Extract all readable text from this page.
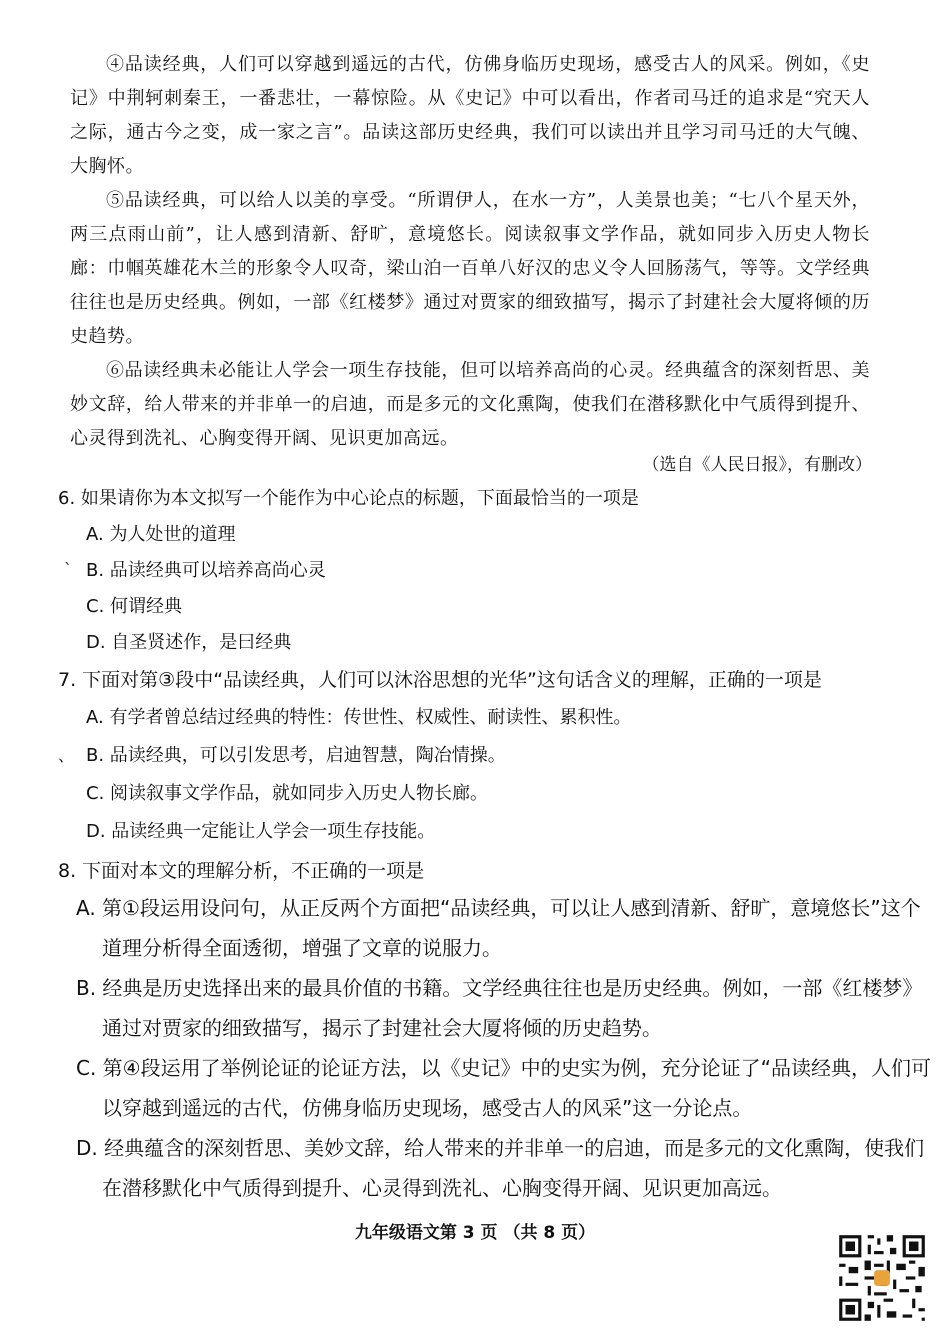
④品读经典，人们可以穿越到遥远的古代，仿佛身临历史现场，感受古人的风采。例如，《史记》中荆轲刺秦王，一番悲壮，一幕惊险。从《史记》中可以看出，作者司马迁的追求是“究天人之际，通古今之变，成一家之言”。品读这部历史经典，我们可以读出并且学习司马迁的大气魄、大胸怀。
⑤品读经典，可以给人以美的享受。“所谓伊人，在水一方”，人美景也美；“七八个星天外，两三点雨山前”，让人感到清新、舒旷，意境悠长。阅读叙事文学作品，就如同步入历史人物长廊：巾帼英雄花木兰的形象令人叹奇，梁山泊一百单八好汉的忠义令人回肠荡气，等等。文学经典往往也是历史经典。例如，一部《红楼梦》通过对贾家的细致描写，揭示了封建社会大厦将倾的历史趋势。
⑥品读经典未必能让人学会一项生存技能，但可以培养高尚的心灵。经典蕴含的深刻哲思、美妙文辞，给人带来的并非单一的启迪，而是多元的文化熏陶，使我们在潜移默化中气质得到提升、心灵得到洗礼、心胸变得开阔、见识更加高远。
（选自《人民日报》，有删改）
6. 如果请你为本文拟写一个能作为中心论点的标题，下面最恰当的一项是
A. 为人处世的道理
B. 品读经典可以培养高尚心灵
C. 何谓经典
D. 自圣贤述作，是曰经典
`
7. 下面对第③段中“品读经典，人们可以沐浴思想的光华”这句话含义的理解，正确的一项是
A. 有学者曾总结过经典的特性：传世性、权威性、耐读性、累积性。
B. 品读经典，可以引发思考，启迪智慧，陶冶情操。
C. 阅读叙事文学作品，就如同步入历史人物长廊。
D. 品读经典一定能让人学会一项生存技能。
、
8. 下面对本文的理解分析，不正确的一项是
A. 第①段运用设问句，从正反两个方面把“品读经典，可以让人感到清新、舒旷，意境悠长”这个道理分析得全面透彻，增强了文章的说服力。
B. 经典是历史选择出来的最具价值的书籍。文学经典往往也是历史经典。例如，一部《红楼梦》通过对贾家的细致描写，揭示了封建社会大厦将倾的历史趋势。
C. 第④段运用了举例论证的论证方法，以《史记》中的史实为例，充分论证了“品读经典，人们可以穿越到遥远的古代，仿佛身临历史现场，感受古人的风采”这一分论点。
D. 经典蕴含的深刻哲思、美妙文辞，给人带来的并非单一的启迪，而是多元的文化熏陶，使我们在潜移默化中气质得到提升、心灵得到洗礼、心胸变得开阔、见识更加高远。
九年级语文第 3 页 （共 8 页）
